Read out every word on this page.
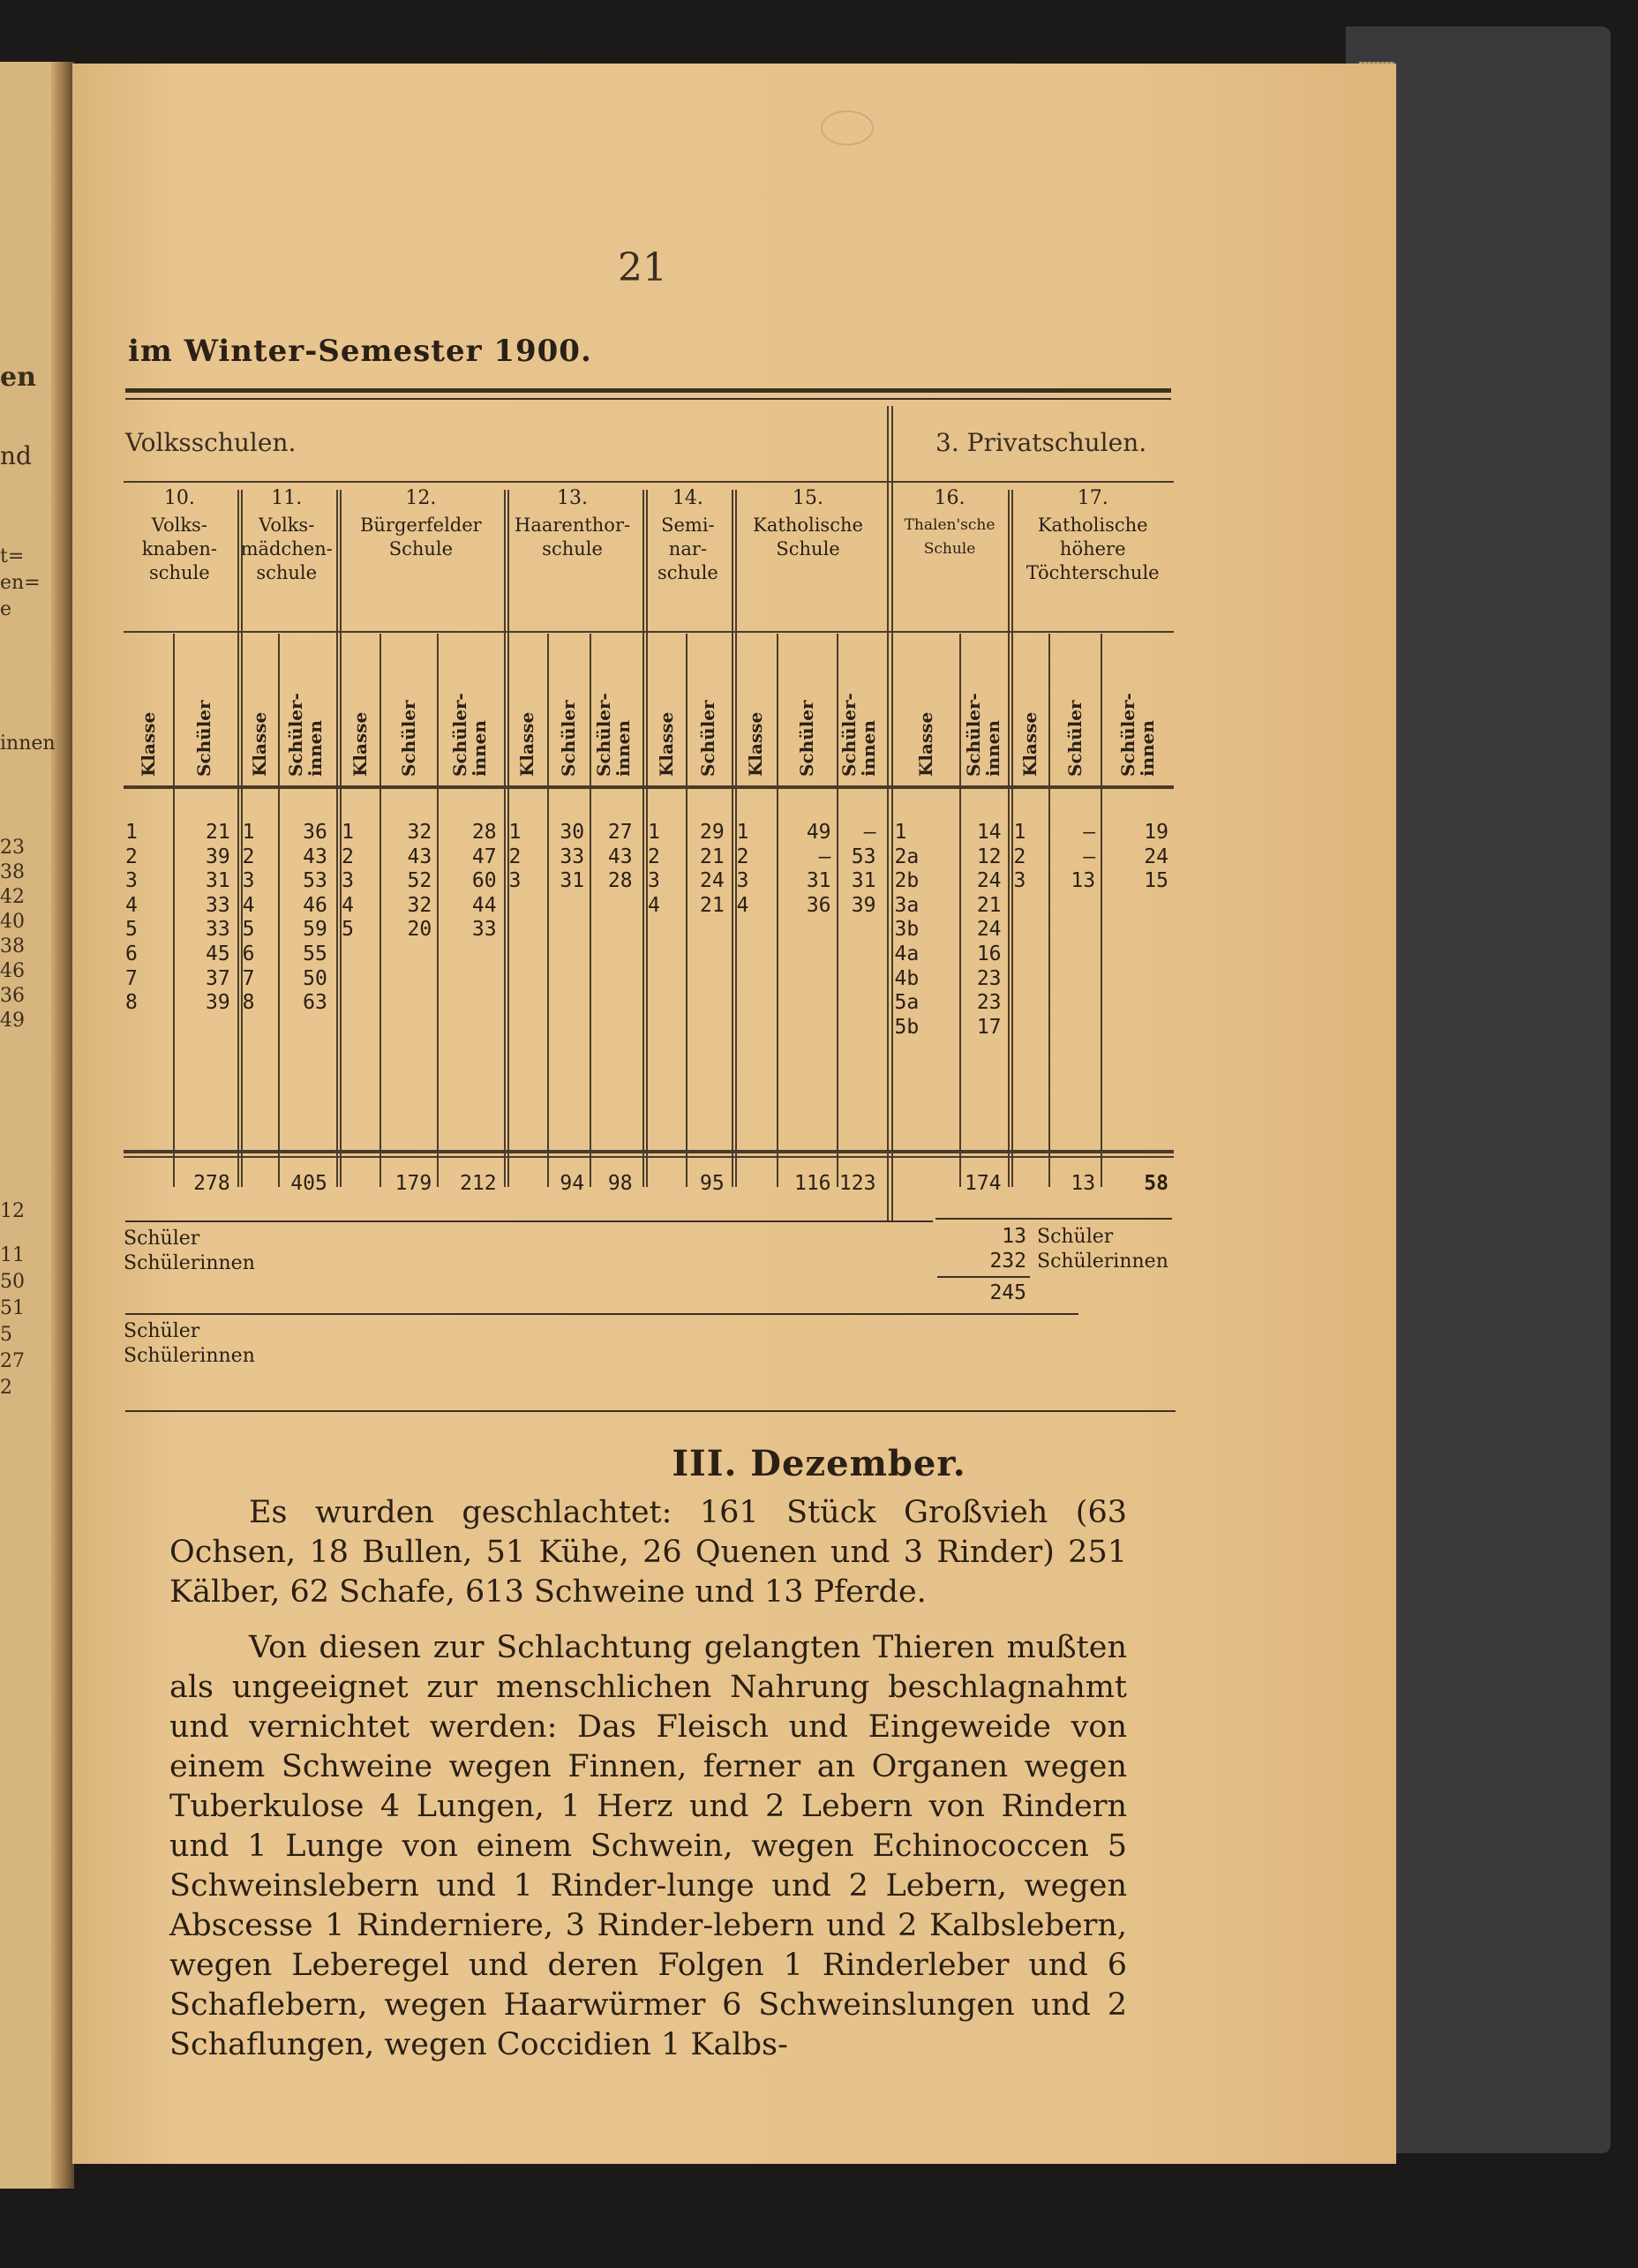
en
nd
t=
en=
e
innen
23
38
42
40
38
46
36
49
12
11
50
51
5
27
2
21
im Winter-Semester 1900.
Volksschulen.	3. Privatschulen.
10.
Volks-
knaben-
schule
11.
Volks-
mädchen-
schule
12.
Bürgerfelder
Schule
13.
Haarenthor-
schule
14.
Semi-
nar-
schule
15.
Katholische
Schule
16.
Thalen'sche
Schule
17.
Katholische
höhere
Töchterschule
Klasse Schüler Klasse Schüler-
innen Klasse Schüler Schüler-
innen Klasse Schüler Schüler-
innen Klasse Schüler Klasse Schüler Schüler-
innen Klasse Schüler-
innen Klasse Schüler Schüler-
innen
1
2
3
4
5
6
7
8
21
39
31
33
33
45
37
39
278
1
2
3
4
5
6
7
8
36
43
53
46
59
55
50
63
405
1
2
3
4
5
32
43
52
32
20
179
28
47
60
44
33
212
1
2
3
30
33
31
94
27
43
28
98
1
2
3
4
29
21
24
21
95
1
2
3
4
49
—
31
36
116
—
53
31
39
123
1
2a
2b
3a
3b
4a
4b
5a
5b
14
12
24
21
24
16
23
23
17
174
1
2
3
—
—
13
13
19
24
15
58
Schüler
Schülerinnen
Schüler
Schülerinnen
13 Schüler
232 Schülerinnen
245
III. Dezember.
Es wurden geschlachtet: 161 Stück Großvieh (63 Ochsen, 18 Bullen, 51 Kühe, 26 Quenen und 3 Rinder) 251 Kälber, 62 Schafe, 613 Schweine und 13 Pferde.
Von diesen zur Schlachtung gelangten Thieren mußten als ungeeignet zur menschlichen Nahrung beschlagnahmt und vernichtet werden: Das Fleisch und Eingeweide von einem Schweine wegen Finnen, ferner an Organen wegen Tuberkulose 4 Lungen, 1 Herz und 2 Lebern von Rindern und 1 Lunge von einem Schwein, wegen Echinococcen 5 Schweinslebern und 1 Rinder-lunge und 2 Lebern, wegen Abscesse 1 Rinderniere, 3 Rinder-lebern und 2 Kalbslebern, wegen Leberegel und deren Folgen 1 Rinderleber und 6 Schaflebern, wegen Haarwürmer 6 Schweinslungen und 2 Schaflungen, wegen Coccidien 1 Kalbs-
